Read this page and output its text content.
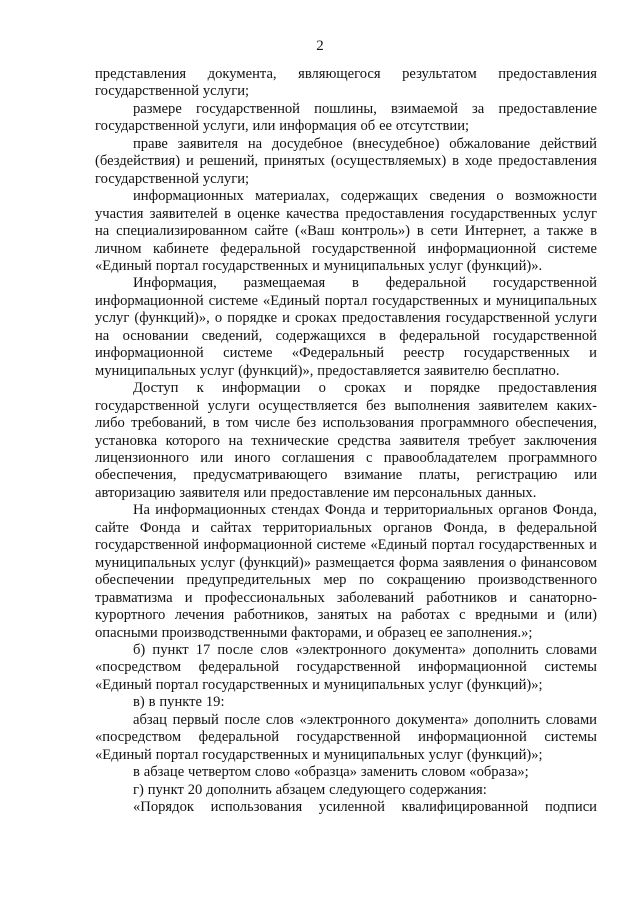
2

представления документа, являющегося результатом предоставления государственной услуги;

размере государственной пошлины, взимаемой за предоставление государственной услуги, или информация об ее отсутствии;

праве заявителя на досудебное (внесудебное) обжалование действий (бездействия) и решений, принятых (осуществляемых) в ходе предоставления государственной услуги;

информационных материалах, содержащих сведения о возможности участия заявителей в оценке качества предоставления государственных услуг на специализированном сайте («Ваш контроль») в сети Интернет, а также в личном кабинете федеральной государственной информационной системе «Единый портал государственных и муниципальных услуг (функций)».

Информация, размещаемая в федеральной государственной информационной системе «Единый портал государственных и муниципальных услуг (функций)», о порядке и сроках предоставления государственной услуги на основании сведений, содержащихся в федеральной государственной информационной системе «Федеральный реестр государственных и муниципальных услуг (функций)», предоставляется заявителю бесплатно.

Доступ к информации о сроках и порядке предоставления государственной услуги осуществляется без выполнения заявителем каких-либо требований, в том числе без использования программного обеспечения, установка которого на технические средства заявителя требует заключения лицензионного или иного соглашения с правообладателем программного обеспечения, предусматривающего взимание платы, регистрацию или авторизацию заявителя или предоставление им персональных данных.

На информационных стендах Фонда и территориальных органов Фонда, сайте Фонда и сайтах территориальных органов Фонда, в федеральной государственной информационной системе «Единый портал государственных и муниципальных услуг (функций)» размещается форма заявления о финансовом обеспечении предупредительных мер по сокращению производственного травматизма и профессиональных заболеваний работников и санаторно-курортного лечения работников, занятых на работах с вредными и (или) опасными производственными факторами, и образец ее заполнения.»;

б) пункт 17 после слов «электронного документа» дополнить словами «посредством федеральной государственной информационной системы «Единый портал государственных и муниципальных услуг (функций)»;

в) в пункте 19:

абзац первый после слов «электронного документа» дополнить словами «посредством федеральной государственной информационной системы «Единый портал государственных и муниципальных услуг (функций)»;

в абзаце четвертом слово «образца» заменить словом «образа»;

г) пункт 20 дополнить абзацем следующего содержания:

«Порядок использования усиленной квалифицированной подписи
